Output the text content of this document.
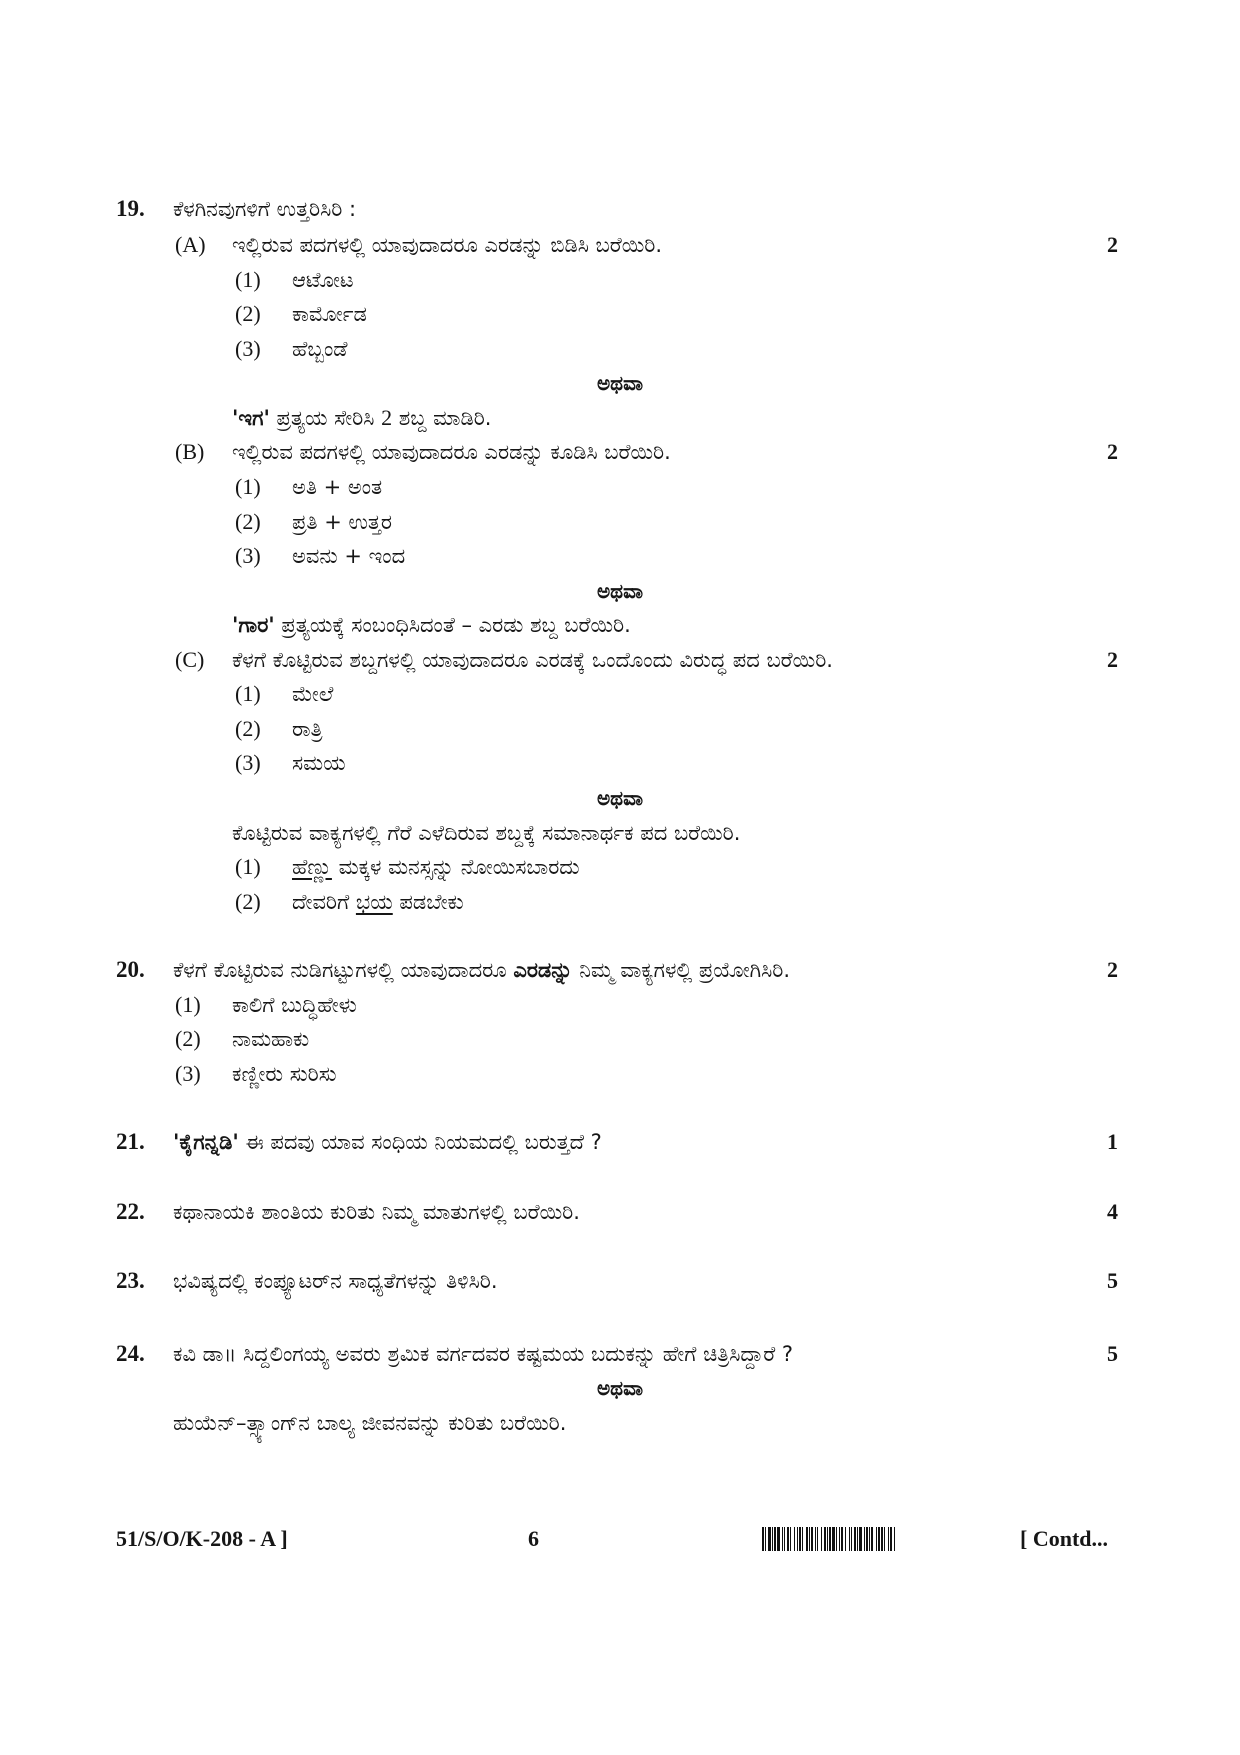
19. ಕೆಳಗಿನವುಗಳಿಗೆ ಉತ್ತರಿಸಿರಿ :
(A) ಇಲ್ಲಿರುವ ಪದಗಳಲ್ಲಿ ಯಾವುದಾದರೂ ಎರಡನ್ನು ಬಿಡಿಸಿ ಬರೆಯಿರಿ.	2
(1) ಆಟೋಟ
(2) ಕಾರ್ಮೋಡ
(3) ಹೆಬ್ಬಂಡೆ
ಅಥವಾ
'ಇಗ' ಪ್ರತ್ಯಯ ಸೇರಿಸಿ 2 ಶಬ್ದ ಮಾಡಿರಿ.
(B) ಇಲ್ಲಿರುವ ಪದಗಳಲ್ಲಿ ಯಾವುದಾದರೂ ಎರಡನ್ನು ಕೂಡಿಸಿ ಬರೆಯಿರಿ.	2
(1) ಅತಿ + ಅಂತ
(2) ಪ್ರತಿ + ಉತ್ತರ
(3) ಅವನು + ಇಂದ
ಅಥವಾ
'ಗಾರ' ಪ್ರತ್ಯಯಕ್ಕೆ ಸಂಬಂಧಿಸಿದಂತೆ – ಎರಡು ಶಬ್ದ ಬರೆಯಿರಿ.
(C) ಕೆಳಗೆ ಕೊಟ್ಟಿರುವ ಶಬ್ದಗಳಲ್ಲಿ ಯಾವುದಾದರೂ ಎರಡಕ್ಕೆ ಒಂದೊಂದು ವಿರುದ್ಧ ಪದ ಬರೆಯಿರಿ.	2
(1) ಮೇಲೆ
(2) ರಾತ್ರಿ
(3) ಸಮಯ
ಅಥವಾ
ಕೊಟ್ಟಿರುವ ವಾಕ್ಯಗಳಲ್ಲಿ ಗೆರೆ ಎಳೆದಿರುವ ಶಬ್ದಕ್ಕೆ ಸಮಾನಾರ್ಥಕ ಪದ ಬರೆಯಿರಿ.
(1) ಹೆಣ್ಣು ಮಕ್ಕಳ ಮನಸ್ಸನ್ನು ನೋಯಿಸಬಾರದು
(2) ದೇವರಿಗೆ ಭಯ ಪಡಬೇಕು
20. ಕೆಳಗೆ ಕೊಟ್ಟಿರುವ ನುಡಿಗಟ್ಟುಗಳಲ್ಲಿ ಯಾವುದಾದರೂ ಎರಡನ್ನು ನಿಮ್ಮ ವಾಕ್ಯಗಳಲ್ಲಿ ಪ್ರಯೋಗಿಸಿರಿ.	2
(1) ಕಾಲಿಗೆ ಬುದ್ಧಿಹೇಳು
(2) ನಾಮಹಾಕು
(3) ಕಣ್ಣೀರು ಸುರಿಸು
21. 'ಕೈಗನ್ನಡಿ' ಈ ಪದವು ಯಾವ ಸಂಧಿಯ ನಿಯಮದಲ್ಲಿ ಬರುತ್ತದೆ ?	1
22. ಕಥಾನಾಯಕಿ ಶಾಂತಿಯ ಕುರಿತು ನಿಮ್ಮ ಮಾತುಗಳಲ್ಲಿ ಬರೆಯಿರಿ.	4
23. ಭವಿಷ್ಯದಲ್ಲಿ ಕಂಪ್ಯೂಟರ್‌ನ ಸಾಧ್ಯತೆಗಳನ್ನು ತಿಳಿಸಿರಿ.	5
24. ಕವಿ ಡಾ॥ ಸಿದ್ದಲಿಂಗಯ್ಯ ಅವರು ಶ್ರಮಿಕ ವರ್ಗದವರ ಕಷ್ಟಮಯ ಬದುಕನ್ನು ಹೇಗೆ ಚಿತ್ರಿಸಿದ್ದಾರೆ ?	5
ಅಥವಾ
ಹುಯೆನ್–ತ್ಸ್ಯಾಂಗ್‌ನ ಬಾಲ್ಯ ಜೀವನವನ್ನು ಕುರಿತು ಬರೆಯಿರಿ.
51/S/O/K-208 - A ]	6	[ Contd...
